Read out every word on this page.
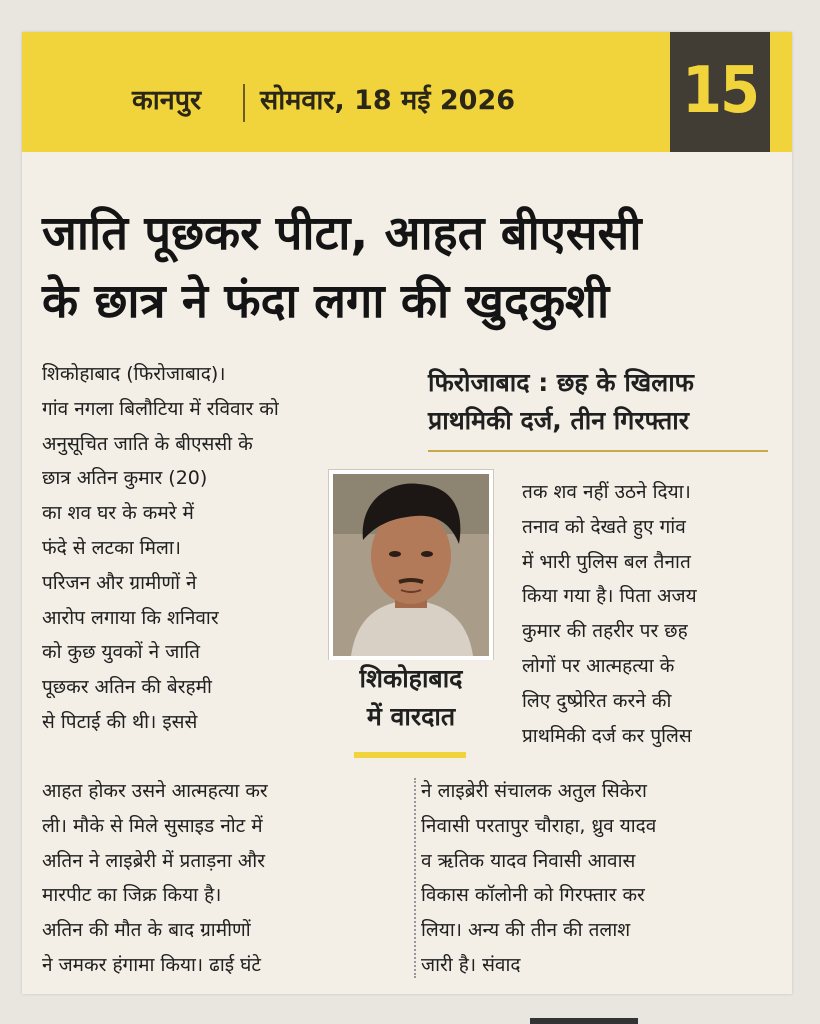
कानपुर सोमवार, 18 मई 2026	15
जाति पूछकर पीटा, आहत बीएससी
के छात्र ने फंदा लगा की खुदकुशी
फिरोजाबाद : छह के खिलाफ
प्राथमिकी दर्ज, तीन गिरफ्तार
शिकोहाबाद (फिरोजाबाद)।
गांव नगला बिलौटिया में रविवार को
अनुसूचित जाति के बीएससी के
छात्र अतिन कुमार (20)
का शव घर के कमरे में
फंदे से लटका मिला।
परिजन और ग्रामीणों ने
आरोप लगाया कि शनिवार
को कुछ युवकों ने जाति
पूछकर अतिन की बेरहमी
से पिटाई की थी। इससे
तक शव नहीं उठने दिया।
तनाव को देखते हुए गांव
में भारी पुलिस बल तैनात
किया गया है। पिता अजय
कुमार की तहरीर पर छह
लोगों पर आत्महत्या के
लिए दुष्प्रेरित करने की
प्राथमिकी दर्ज कर पुलिस
आहत होकर उसने आत्महत्या कर
ली। मौके से मिले सुसाइड नोट में
अतिन ने लाइब्रेरी में प्रताड़ना और
मारपीट का जिक्र किया है।
अतिन की मौत के बाद ग्रामीणों
ने जमकर हंगामा किया। ढाई घंटे
ने लाइब्रेरी संचालक अतुल सिकेरा
निवासी परतापुर चौराहा, ध्रुव यादव
व ऋतिक यादव निवासी आवास
विकास कॉलोनी को गिरफ्तार कर
लिया। अन्य की तीन की तलाश
जारी है। संवाद
शिकोहाबाद
में वारदात
